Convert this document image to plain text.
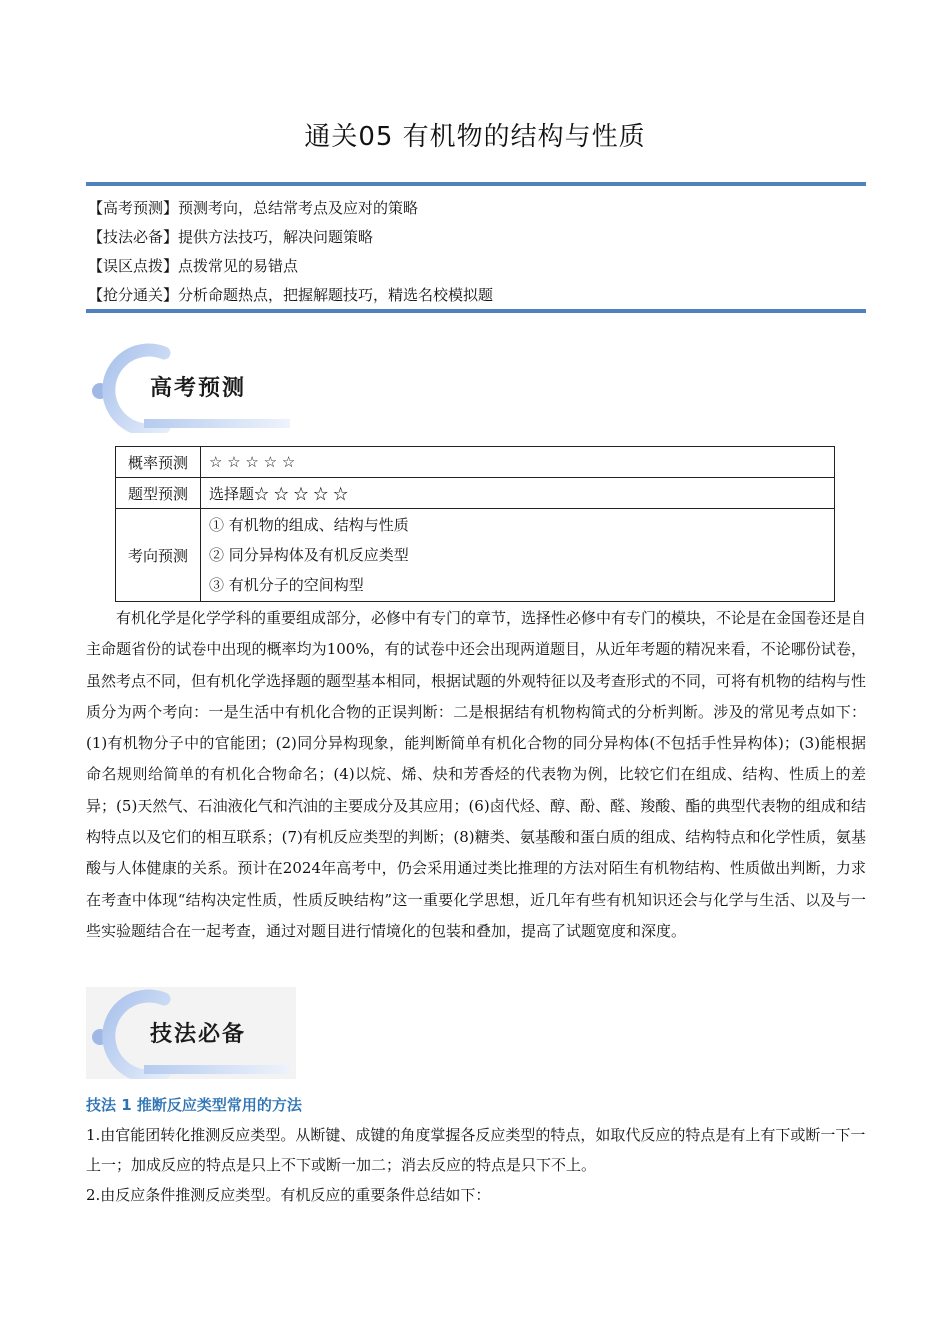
通关05 有机物的结构与性质
【高考预测】预测考向，总结常考点及应对的策略
【技法必备】提供方法技巧，解决问题策略
【误区点拨】点拨常见的易错点
【抢分通关】分析命题热点，把握解题技巧，精选名校模拟题
高考预测
概率预测	☆ ☆ ☆ ☆ ☆
题型预测	选择题☆ ☆ ☆ ☆ ☆
考向预测	① 有机物的组成、结构与性质
② 同分异构体及有机反应类型
③ 有机分子的空间构型

有机化学是化学学科的重要组成部分，必修中有专门的章节，选择性必修中有专门的模块，不论是在金国卷还是自主命题省份的试卷中出现的概率均为100%，有的试卷中还会出现两道题目，从近年考题的精况来看，不论哪份试卷，虽然考点不同，但有机化学选择题的题型基本相同，根据试题的外观特征以及考查形式的不同，可将有机物的结构与性质分为两个考向：一是生活中有机化合物的正误判断：二是根据结有机物构简式的分析判断。涉及的常见考点如下：(1)有机物分子中的官能团；(2)同分异构现象，能判断简单有机化合物的同分异构体(不包括手性异构体)；(3)能根据命名规则给简单的有机化合物命名；(4)以烷、烯、炔和芳香烃的代表物为例，比较它们在组成、结构、性质上的差异；(5)天然气、石油液化气和汽油的主要成分及其应用；(6)卤代烃、醇、酚、醛、羧酸、酯的典型代表物的组成和结构特点以及它们的相互联系；(7)有机反应类型的判断；(8)糖类、氨基酸和蛋白质的组成、结构特点和化学性质，氨基酸与人体健康的关系。预计在2024年高考中，仍会采用通过类比推理的方法对陌生有机物结构、性质做出判断，力求在考查中体现“结构决定性质，性质反映结构”这一重要化学思想，近几年有些有机知识还会与化学与生活、以及与一些实验题结合在一起考查，通过对题目进行情境化的包装和叠加，提高了试题宽度和深度。

技法必备
技法 1 推断反应类型常用的方法

1.由官能团转化推测反应类型。从断键、成键的角度掌握各反应类型的特点，如取代反应的特点是有上有下或断一下一上一；加成反应的特点是只上不下或断一加二；消去反应的特点是只下不上。

2.由反应条件推测反应类型。有机反应的重要条件总结如下：
